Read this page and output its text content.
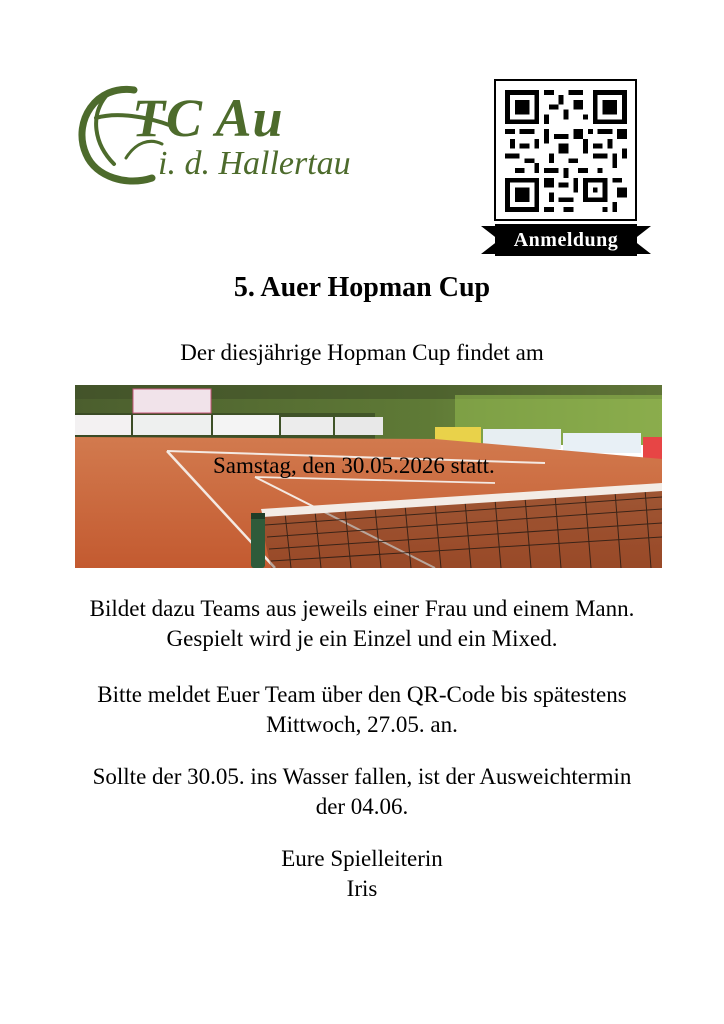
TC Au
i. d. Hallertau
Anmeldung
5. Auer Hopman Cup
Der diesjährige Hopman Cup findet am
Samstag, den 30.05.2026 statt.
Bildet dazu Teams aus jeweils einer Frau und einem Mann.
Gespielt wird je ein Einzel und ein Mixed.
Bitte meldet Euer Team über den QR-Code bis spätestens
Mittwoch, 27.05. an.
Sollte der 30.05. ins Wasser fallen, ist der Ausweichtermin
der 04.06.
Eure Spielleiterin
Iris
